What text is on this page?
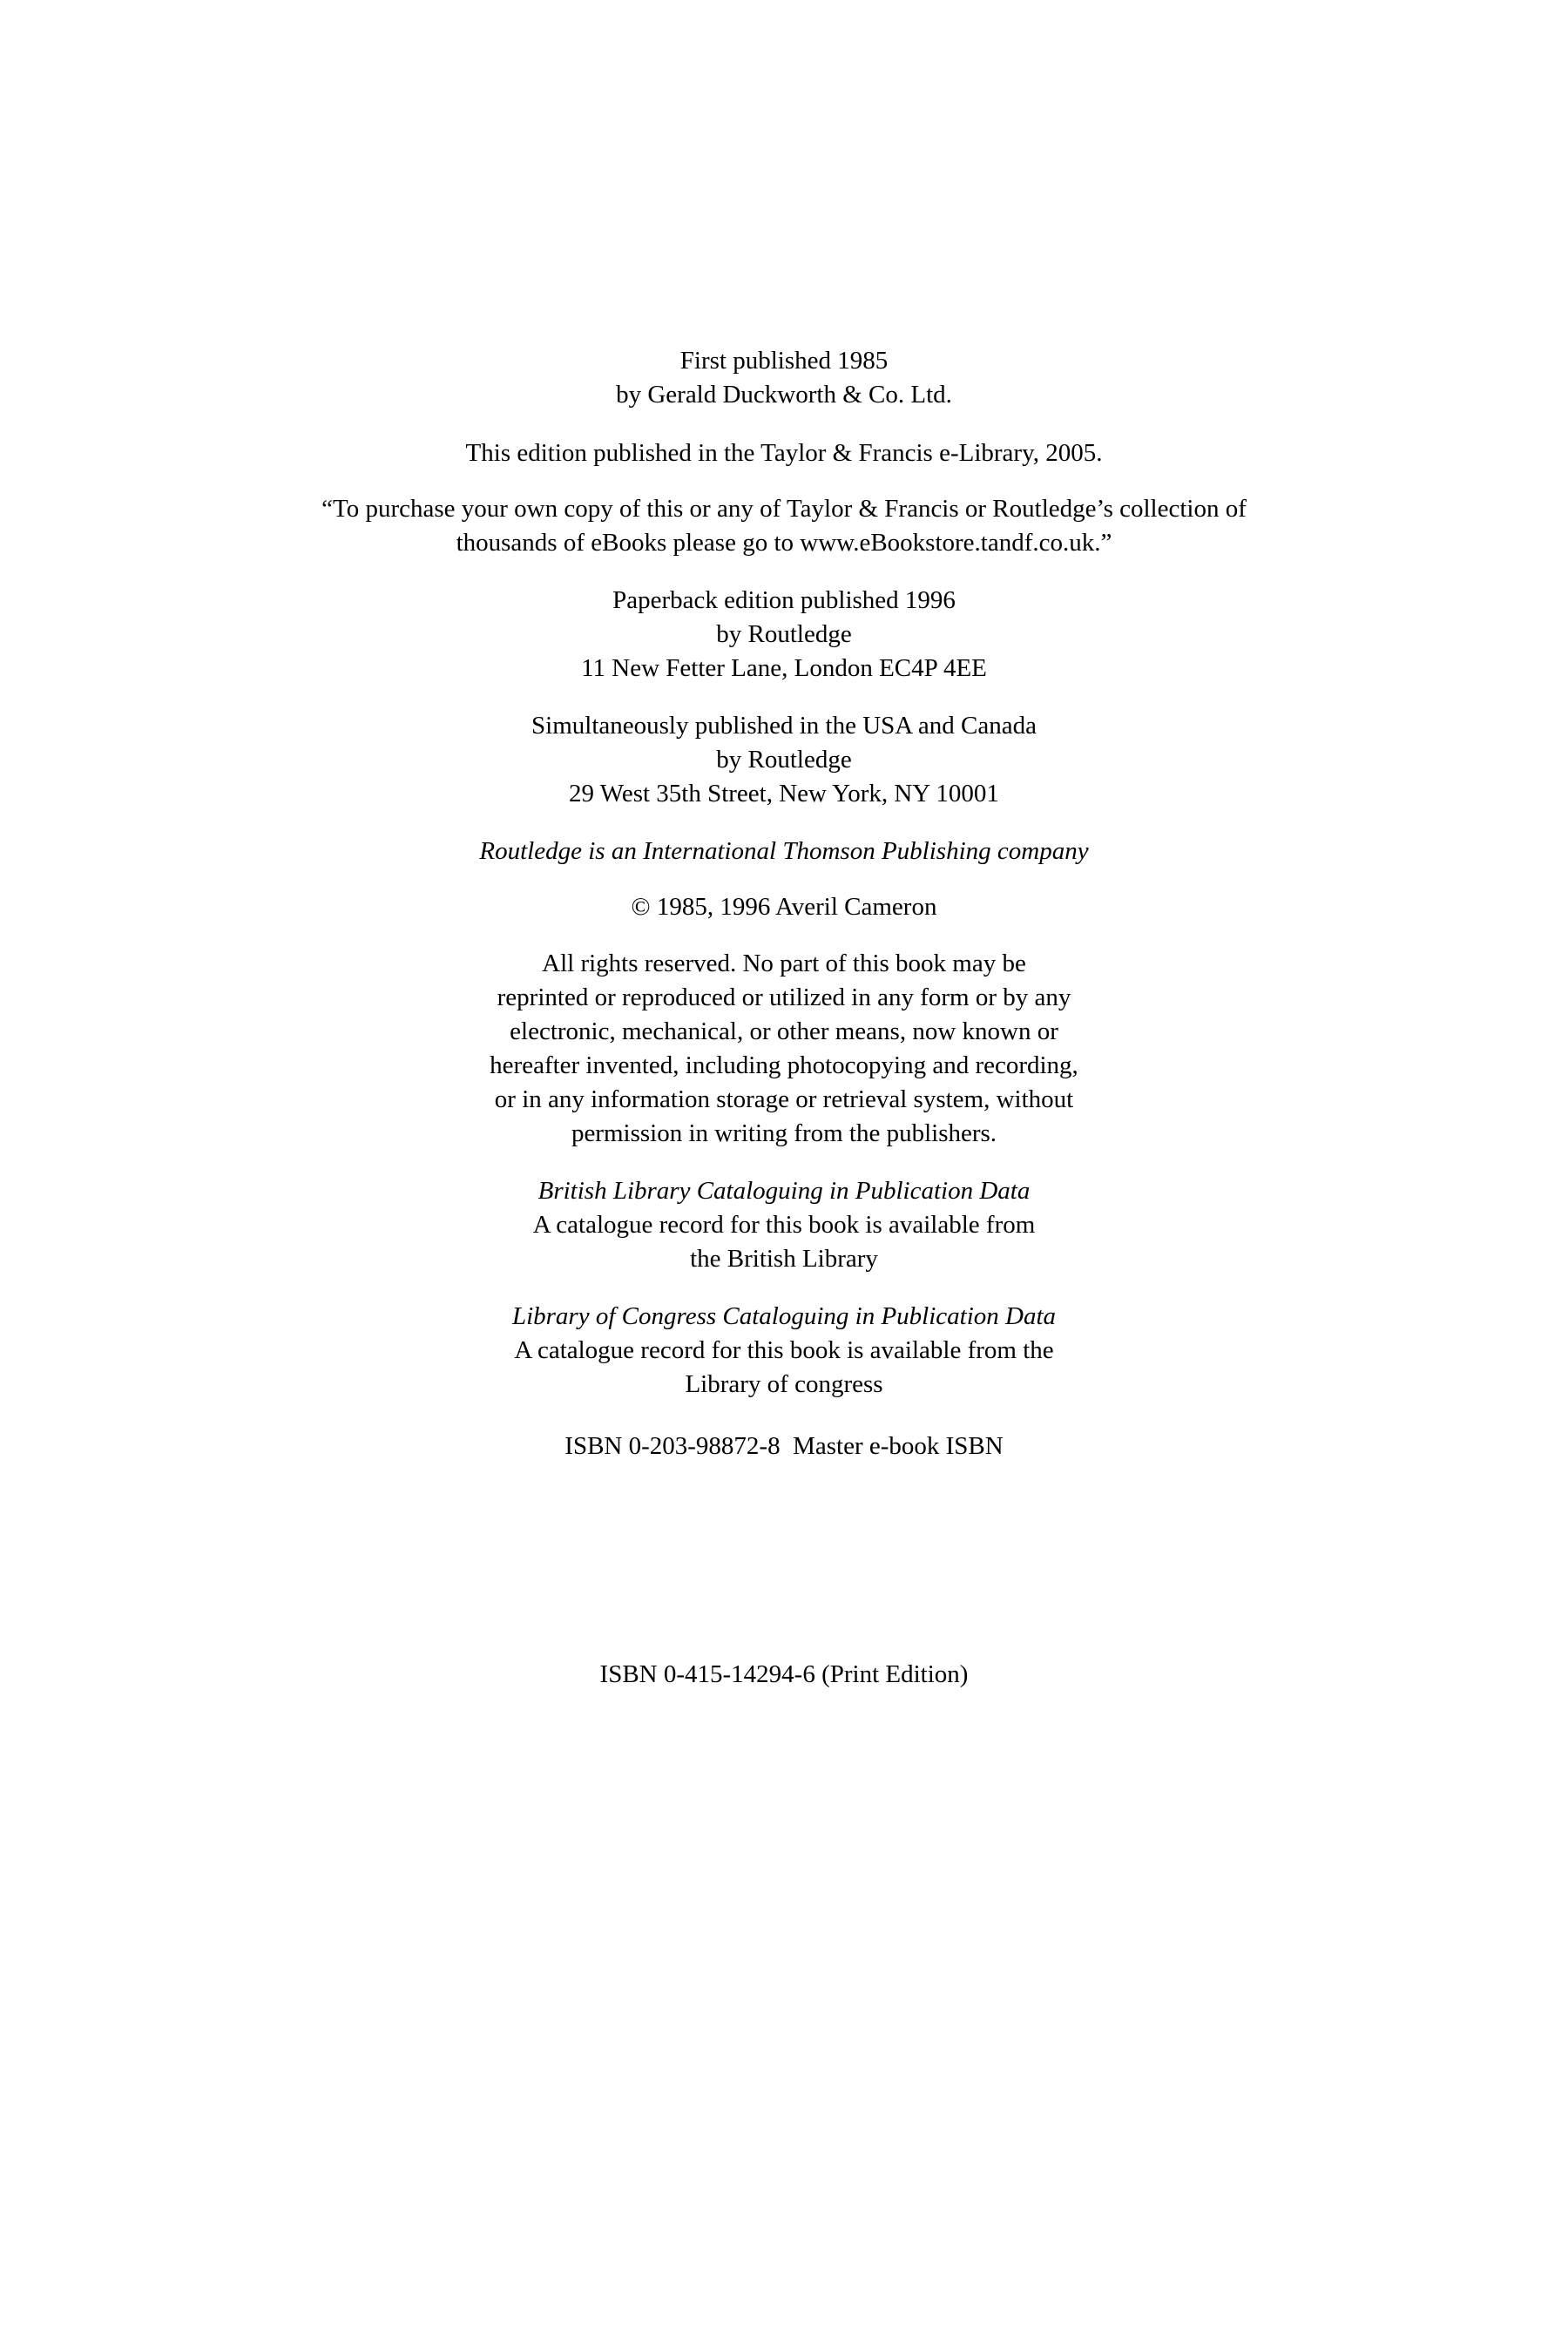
First published 1985
by Gerald Duckworth & Co. Ltd.
This edition published in the Taylor & Francis e-Library, 2005.
“To purchase your own copy of this or any of Taylor & Francis or Routledge’s collection of
thousands of eBooks please go to www.eBookstore.tandf.co.uk.”
Paperback edition published 1996
by Routledge
11 New Fetter Lane, London EC4P 4EE
Simultaneously published in the USA and Canada
by Routledge
29 West 35th Street, New York, NY 10001
Routledge is an International Thomson Publishing company
© 1985, 1996 Averil Cameron
All rights reserved. No part of this book may be
reprinted or reproduced or utilized in any form or by any
electronic, mechanical, or other means, now known or
hereafter invented, including photocopying and recording,
or in any information storage or retrieval system, without
permission in writing from the publishers.
British Library Cataloguing in Publication Data
A catalogue record for this book is available from
the British Library
Library of Congress Cataloguing in Publication Data
A catalogue record for this book is available from the
Library of congress
ISBN 0-203-98872-8  Master e-book ISBN
ISBN 0-415-14294-6 (Print Edition)
